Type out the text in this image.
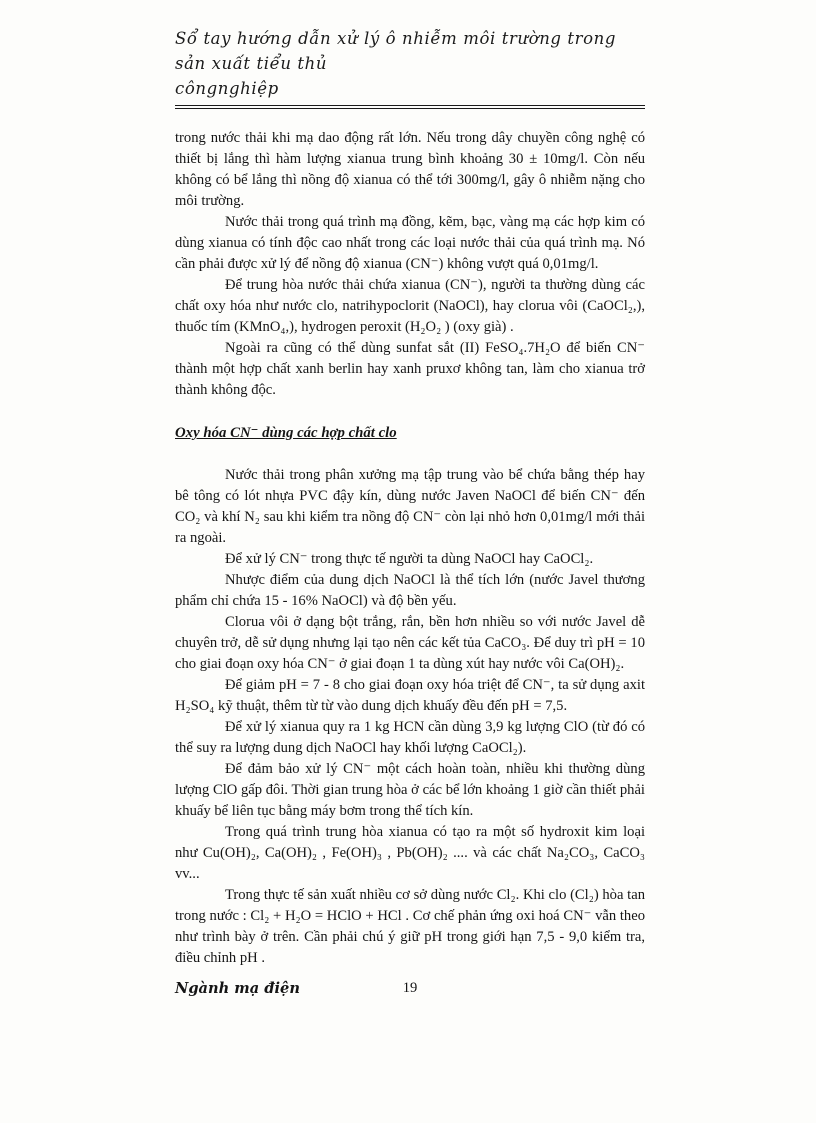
Sổ tay hướng dẫn xử lý ô nhiễm môi trường trong sản xuất tiểu thủ
côngnghiệp

trong nước thải khi mạ dao động rất lớn. Nếu trong dây chuyền công nghệ có thiết bị lắng thì hàm lượng xianua trung bình khoảng 30 ± 10mg/l. Còn nếu không có bể lắng thì nồng độ xianua có thể tới 300mg/l, gây ô nhiễm nặng cho môi trường.

Nước thải trong quá trình mạ đồng, kẽm, bạc, vàng mạ các hợp kim có dùng xianua có tính độc cao nhất trong các loại nước thải của quá trình mạ. Nó cần phải được xử lý để nồng độ xianua (CN⁻) không vượt quá 0,01mg/l.

Để trung hòa nước thải chứa xianua (CN⁻), người ta thường dùng các chất oxy hóa như nước clo, natrihypoclorit (NaOCl), hay clorua vôi (CaOCl₂,), thuốc tím (KMnO₄,), hydrogen peroxit (H₂O₂ ) (oxy già) .

Ngoài ra cũng có thể dùng sunfat sắt (II) FeSO₄.7H₂O để biến CN⁻ thành một hợp chất xanh berlin hay xanh pruxơ không tan, làm cho xianua trở thành không độc.

Oxy hóa CN⁻ dùng các hợp chất clo

Nước thải trong phân xưởng mạ tập trung vào bể chứa bằng thép hay bê tông có lót nhựa PVC đậy kín, dùng nước Javen NaOCl để biến CN⁻ đến CO₂ và khí N₂ sau khi kiểm tra nồng độ CN⁻ còn lại nhỏ hơn 0,01mg/l mới thải ra ngoài.

Để xử lý CN⁻ trong thực tế người ta dùng NaOCl hay CaOCl₂.

Nhược điểm của dung dịch NaOCl là thể tích lớn (nước Javel thương phẩm chỉ chứa 15 - 16% NaOCl) và độ bền yếu.

Clorua vôi ở dạng bột trắng, rắn, bền hơn nhiều so với nước Javel dễ chuyên trở, dễ sử dụng nhưng lại tạo nên các kết tủa CaCO₃. Để duy trì pH = 10 cho giai đoạn oxy hóa CN⁻ ở giai đoạn 1 ta dùng xút hay nước vôi Ca(OH)₂.

Để giảm pH = 7 - 8 cho giai đoạn oxy hóa triệt để CN⁻, ta sử dụng axit H₂SO₄ kỹ thuật, thêm từ từ vào dung dịch khuấy đều đến pH = 7,5.

Để xử lý xianua quy ra 1 kg HCN cần dùng 3,9 kg lượng ClO (từ đó có thể suy ra lượng dung dịch NaOCl hay khối lượng CaOCl₂).

Để đảm bảo xử lý CN⁻ một cách hoàn toàn, nhiều khi thường dùng lượng ClO gấp đôi. Thời gian trung hòa ở các bể lớn khoảng 1 giờ cần thiết phải khuấy bể liên tục bằng máy bơm trong thể tích kín.

Trong quá trình trung hòa xianua có tạo ra một số hydroxit kim loại như Cu(OH)₂, Ca(OH)₂ , Fe(OH)₃ , Pb(OH)₂ .... và các chất Na₂CO₃, CaCO₃ vv...

Trong thực tế sản xuất nhiều cơ sở dùng nước Cl₂. Khi clo (Cl₂) hòa tan trong nước : Cl₂ + H₂O = HClO + HCl . Cơ chế phản ứng oxi hoá CN⁻ vẫn theo như trình bày ở trên. Cần phải chú ý giữ pH trong giới hạn 7,5 - 9,0 kiểm tra, điều chỉnh pH .

Ngành mạ điện	19
